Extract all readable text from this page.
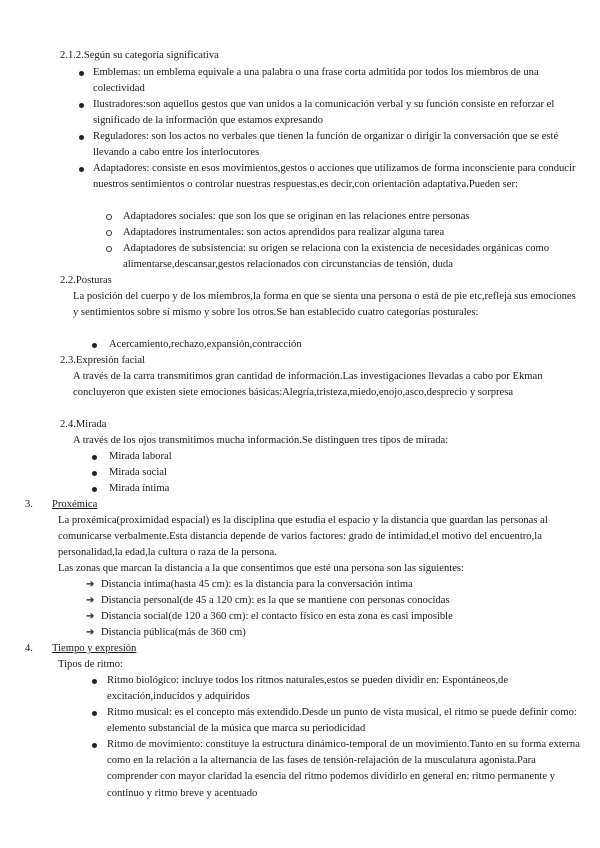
2.1.2.Según su categoría significativa
Emblemas: un emblema equivale a una palabra o una frase corta admitida por todos los miembros de una colectividad
Ilustradores:son aquellos gestos que van unidos a la comunicación verbal y su función consiste en reforzar el significado de la información que estamos expresando
Reguladores: son los actos no verbales que tienen la función de organizar o dirigir la conversación que se esté llevando a cabo entre los interlocutores
Adaptadores: consiste en esos movimientos,gestos o acciones que utilizamos de forma inconsciente para conducir nuestros sentimientos o controlar nuestras respuestas,es decir,con orientación adaptativa.Pueden ser:
Adaptadores sociales: que son los que se originan en las relaciones entre personas
Adaptadores instrumentales: son actos aprendidos para realizar alguna tarea
Adaptadores de subsistencia: su origen se relaciona con la existencia de necesidades orgánicas como alimentarse,descansar,gestos relacionados con circunstancias de tensión, duda
2.2.Posturas
La posición del cuerpo y de los miembros,la forma en que se sienta una persona o está de pie etc,refleja sus emociones y sentimientos sobre sí mismo y sobre los otros.Se han establecido cuatro categorías posturales:
Acercamiento,rechazo,expansión,contracción
2.3.Expresión facial
A través de la carra transmitimos gran cantidad de información.Las investigaciones llevadas a cabo por Ekman concluyeron que existen siete emociones básicas:Alegría,tristeza,miedo,enojo,asco,desprecio y sorpresa
2.4.Mirada
A través de los ojos transmitimos mucha información.Se distinguen tres tipos de mirada:
Mirada laboral
Mirada social
Mirada íntima
3. Proxémica
La proxémica(proximidad espacial) es la disciplina que estudia el espacio y la distancia que guardan las personas al comunicarse verbalmente.Esta distancia depende de varios factores: grado de intimidad,el motivo del encuentro,la personalidad,la edad,la cultura o raza de la persona.
Las zonas que marcan la distancia a la que consentimos que esté una persona son las siguientes:
➔ Distancia íntima(hasta 45 cm): es la distancia para la conversación íntima
➔ Distancia personal(de 45 a 120 cm): es la que se mantiene con personas conocidas
➔ Distancia social(de 120 a 360 cm): el contacto físico en esta zona es casi imposible
➔ Distancia pública(más de 360 cm)
4. Tiempo y expresión
Tipos de ritmo:
Ritmo biológico: incluye todos los ritmos naturales,estos se pueden dividir en: Espontáneos,de excitación,inducidos y adquiridos
Ritmo musical: es el concepto más extendido.Desde un punto de vista musical, el ritmo se puede definir como: elemento substancial de la música que marca su periodicidad
Ritmo de movimiento: constituye la estructura dinámico-temporal de un movimiento.Tanto en su forma externa como en la relación a la alternancia de las fases de tensión-relajación de la musculatura agonista.Para comprender con mayor claridad la esencia del ritmo podemos dividirlo en general en: ritmo permanente y continuo y ritmo breve y acentuado
